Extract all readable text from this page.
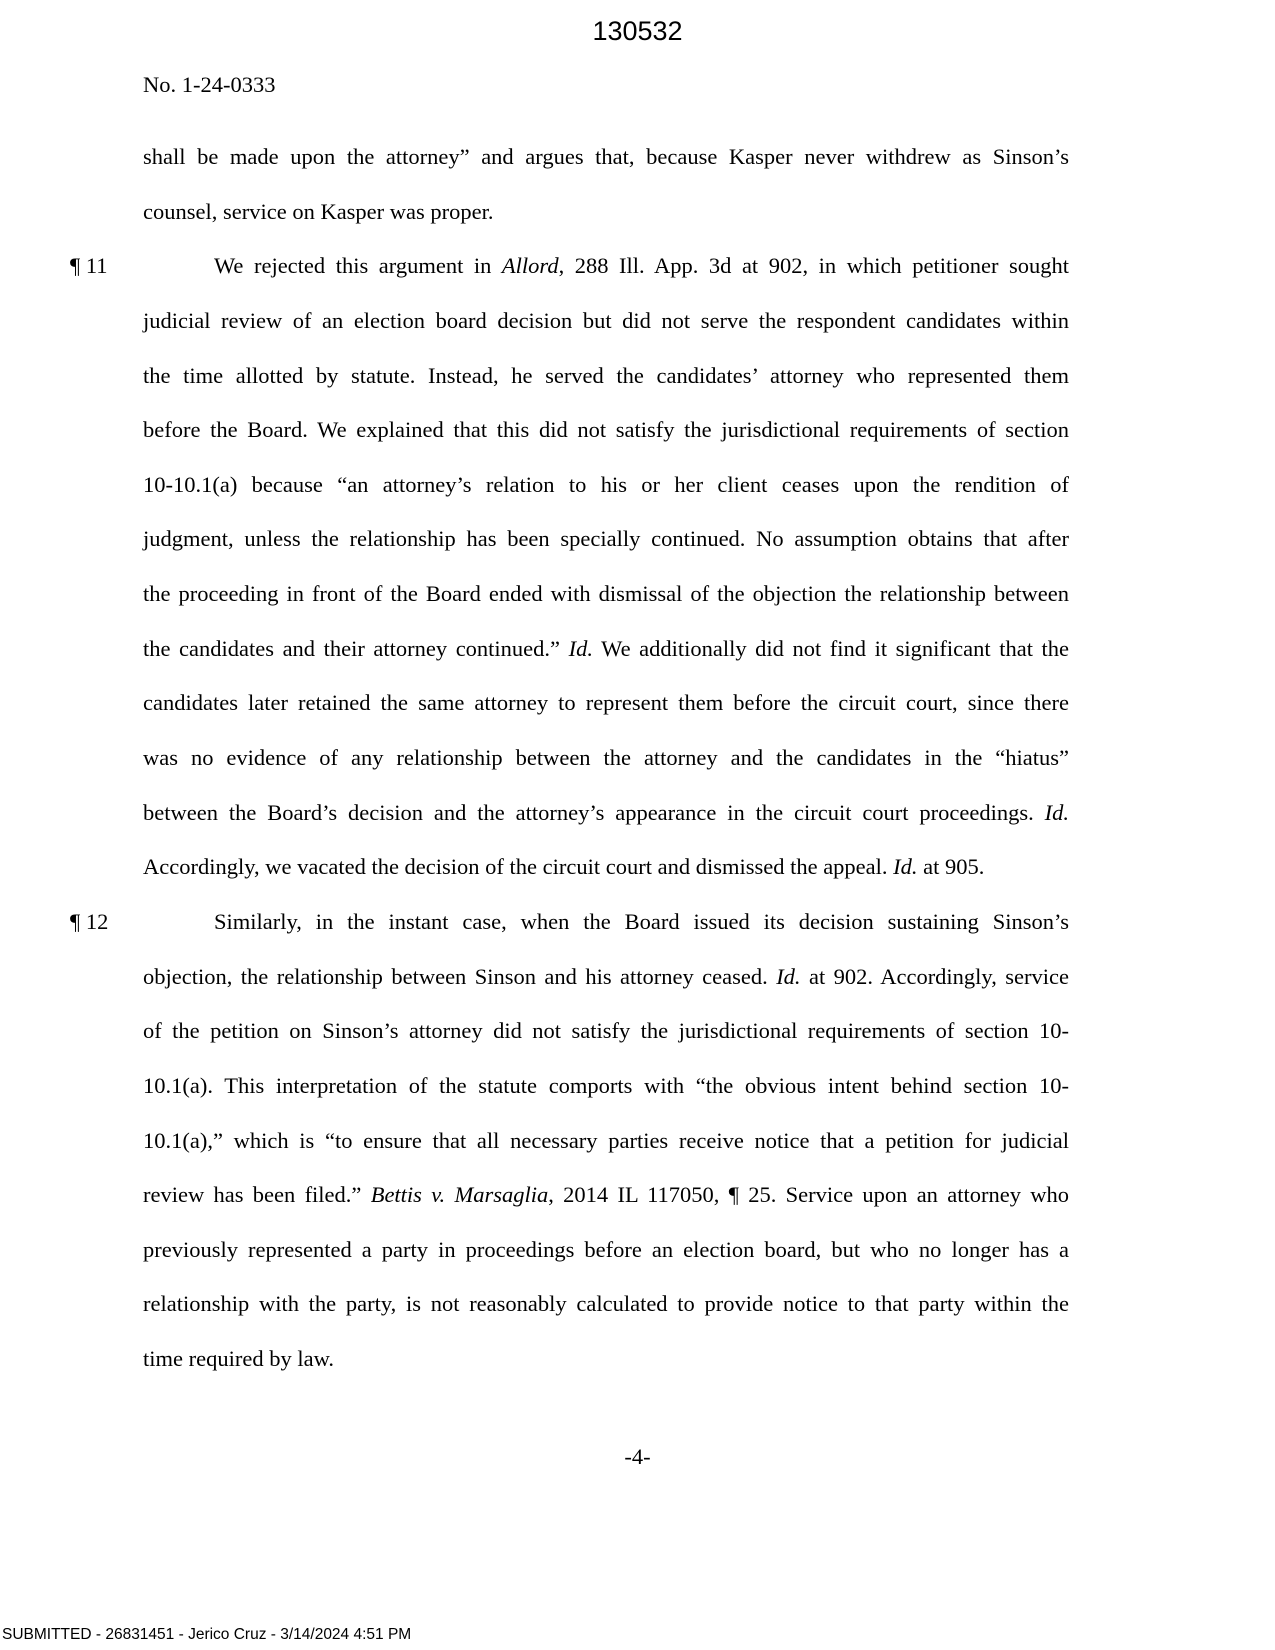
130532
No. 1-24-0333
shall be made upon the attorney” and argues that, because Kasper never withdrew as Sinson’s
counsel, service on Kasper was proper.
¶ 11	We rejected this argument in Allord, 288 Ill. App. 3d at 902, in which petitioner sought
judicial review of an election board decision but did not serve the respondent candidates within
the time allotted by statute. Instead, he served the candidates’ attorney who represented them
before the Board. We explained that this did not satisfy the jurisdictional requirements of section
10-10.1(a) because “an attorney’s relation to his or her client ceases upon the rendition of
judgment, unless the relationship has been specially continued. No assumption obtains that after
the proceeding in front of the Board ended with dismissal of the objection the relationship between
the candidates and their attorney continued.” Id. We additionally did not find it significant that the
candidates later retained the same attorney to represent them before the circuit court, since there
was no evidence of any relationship between the attorney and the candidates in the “hiatus”
between the Board’s decision and the attorney’s appearance in the circuit court proceedings. Id.
Accordingly, we vacated the decision of the circuit court and dismissed the appeal. Id. at 905.
¶ 12	Similarly, in the instant case, when the Board issued its decision sustaining Sinson’s
objection, the relationship between Sinson and his attorney ceased. Id. at 902. Accordingly, service
of the petition on Sinson’s attorney did not satisfy the jurisdictional requirements of section 10-
10.1(a). This interpretation of the statute comports with “the obvious intent behind section 10-
10.1(a),” which is “to ensure that all necessary parties receive notice that a petition for judicial
review has been filed.” Bettis v. Marsaglia, 2014 IL 117050, ¶ 25. Service upon an attorney who
previously represented a party in proceedings before an election board, but who no longer has a
relationship with the party, is not reasonably calculated to provide notice to that party within the
time required by law.
-4-
SUBMITTED - 26831451 - Jerico Cruz - 3/14/2024 4:51 PM
